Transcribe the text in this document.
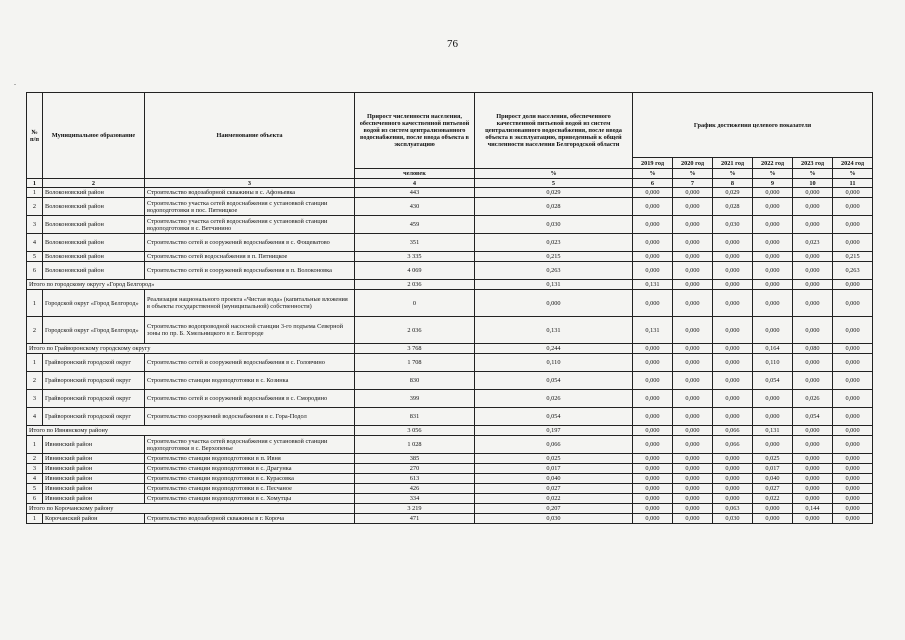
76
.
№ п/п	Муниципальное образование	Наименование объекта	Прирост численности населения, обеспеченного качественной питьевой водой из систем централизованного водоснабжения, после ввода объекта в эксплуатацию	Прирост доли населения, обеспеченного качественной питьевой водой из систем централизованного водоснабжения, после ввода объекта в эксплуатацию, приведенный к общей численности населения Белгородской области	График достижения целевого показателя					
					2019 год	2020 год	2021 год	2022 год	2023 год	2024 год
			человек	%	%	%	%	%	%	%
1	2	3	4	5	6	7	8	9	10	11
1	Волоконовский район	Строительство водозаборной скважины в с. Афоньевка	443	0,029	0,000	0,000	0,029	0,000	0,000	0,000
2	Волоконовский район	Строительство участка сетей водоснабжения с установкой станции водоподготовки в пос. Пятницкое	430	0,028	0,000	0,000	0,028	0,000	0,000	0,000
3	Волоконовский район	Строительство участка сетей водоснабжения с установкой станции водоподготовки в с. Ветчинино	459	0,030	0,000	0,000	0,030	0,000	0,000	0,000
4	Волоконовский район	Строительство сетей и сооружений водоснабжения в с. Фощеватово	351	0,023	0,000	0,000	0,000	0,000	0,023	0,000
5	Волоконовский район	Строительство сетей водоснабжения в п. Пятницкое	3 335	0,215	0,000	0,000	0,000	0,000	0,000	0,215
6	Волоконовский район	Строительство сетей и сооружений водоснабжения в п. Волоконовка	4 069	0,263	0,000	0,000	0,000	0,000	0,000	0,263
Итого по городскому округу «Город Белгород»			2 036	0,131	0,131	0,000	0,000	0,000	0,000	0,000
1	Городской округ «Город Белгород»	Реализация национального проекта «Чистая вода» (капитальные вложения в объекты государственной (муниципальной) собственности)	0	0,000	0,000	0,000	0,000	0,000	0,000	0,000
2	Городской округ «Город Белгород»	Строительство водопроводной насосной станции 3-го подъема Северной зоны по пр. Б. Хмельницкого в г. Белгороде	2 036	0,131	0,131	0,000	0,000	0,000	0,000	0,000
Итого по Грайворонскому городскому округу			3 768	0,244	0,000	0,000	0,000	0,164	0,080	0,000
1	Грайворонский городской округ	Строительство сетей и сооружений водоснабжения в с. Головчино	1 708	0,110	0,000	0,000	0,000	0,110	0,000	0,000
2	Грайворонский городской округ	Строительство станции водоподготовки в с. Козинка	830	0,054	0,000	0,000	0,000	0,054	0,000	0,000
3	Грайворонский городской округ	Строительство сетей и сооружений водоснабжения в с. Смородино	399	0,026	0,000	0,000	0,000	0,000	0,026	0,000
4	Грайворонский городской округ	Строительство сооружений водоснабжения в с. Гора-Подол	831	0,054	0,000	0,000	0,000	0,000	0,054	0,000
Итого по Ивнянскому району			3 056	0,197	0,000	0,000	0,066	0,131	0,000	0,000
1	Ивнянский район	Строительство участка сетей водоснабжения с установкой станции водоподготовки в с. Верхопенье	1 028	0,066	0,000	0,000	0,066	0,000	0,000	0,000
2	Ивнянский район	Строительство станции водоподготовки в п. Ивня	385	0,025	0,000	0,000	0,000	0,025	0,000	0,000
3	Ивнянский район	Строительство станции водоподготовки в с. Драгунка	270	0,017	0,000	0,000	0,000	0,017	0,000	0,000
4	Ивнянский район	Строительство станции водоподготовки в с. Курасовка	613	0,040	0,000	0,000	0,000	0,040	0,000	0,000
5	Ивнянский район	Строительство станции водоподготовки в с. Песчаное	426	0,027	0,000	0,000	0,000	0,027	0,000	0,000
6	Ивнянский район	Строительство станции водоподготовки в с. Хомутцы	334	0,022	0,000	0,000	0,000	0,022	0,000	0,000
Итого по Корочанскому району			3 219	0,207	0,000	0,000	0,063	0,000	0,144	0,000
1	Корочанский район	Строительство водозаборной скважины в г. Короча	471	0,030	0,000	0,000	0,030	0,000	0,000	0,000
